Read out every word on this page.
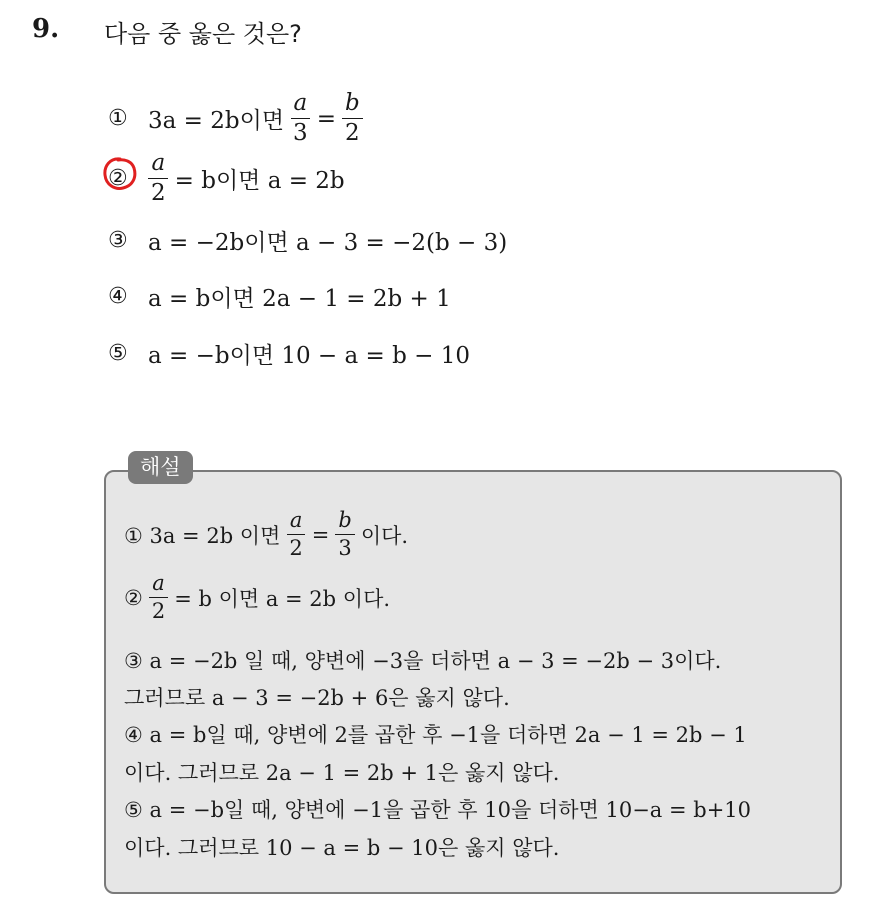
9. 다음 중 옳은 것은?
① 3a = 2b이면 $\frac{a}{3} = \frac{b}{2}$
② $\frac{a}{2} = b$이면 a = 2b
③ a = −2b이면 a − 3 = −2(b − 3)
④ a = b이면 2a − 1 = 2b + 1
⑤ a = −b이면 10 − a = b − 10
해설
① 3a = 2b 이면 $\frac{a}{2} = \frac{b}{3}$ 이다.
② $\frac{a}{2} = b$ 이면 a = 2b 이다.
③ a = −2b 일 때, 양변에 −3을 더하면 a − 3 = −2b − 3이다.
그러므로 a − 3 = −2b + 6은 옳지 않다.
④ a = b일 때, 양변에 2를 곱한 후 −1을 더하면 2a − 1 = 2b − 1
이다. 그러므로 2a − 1 = 2b + 1은 옳지 않다.
⑤ a = −b일 때, 양변에 −1을 곱한 후 10을 더하면 10−a = b+10
이다. 그러므로 10 − a = b − 10은 옳지 않다.
